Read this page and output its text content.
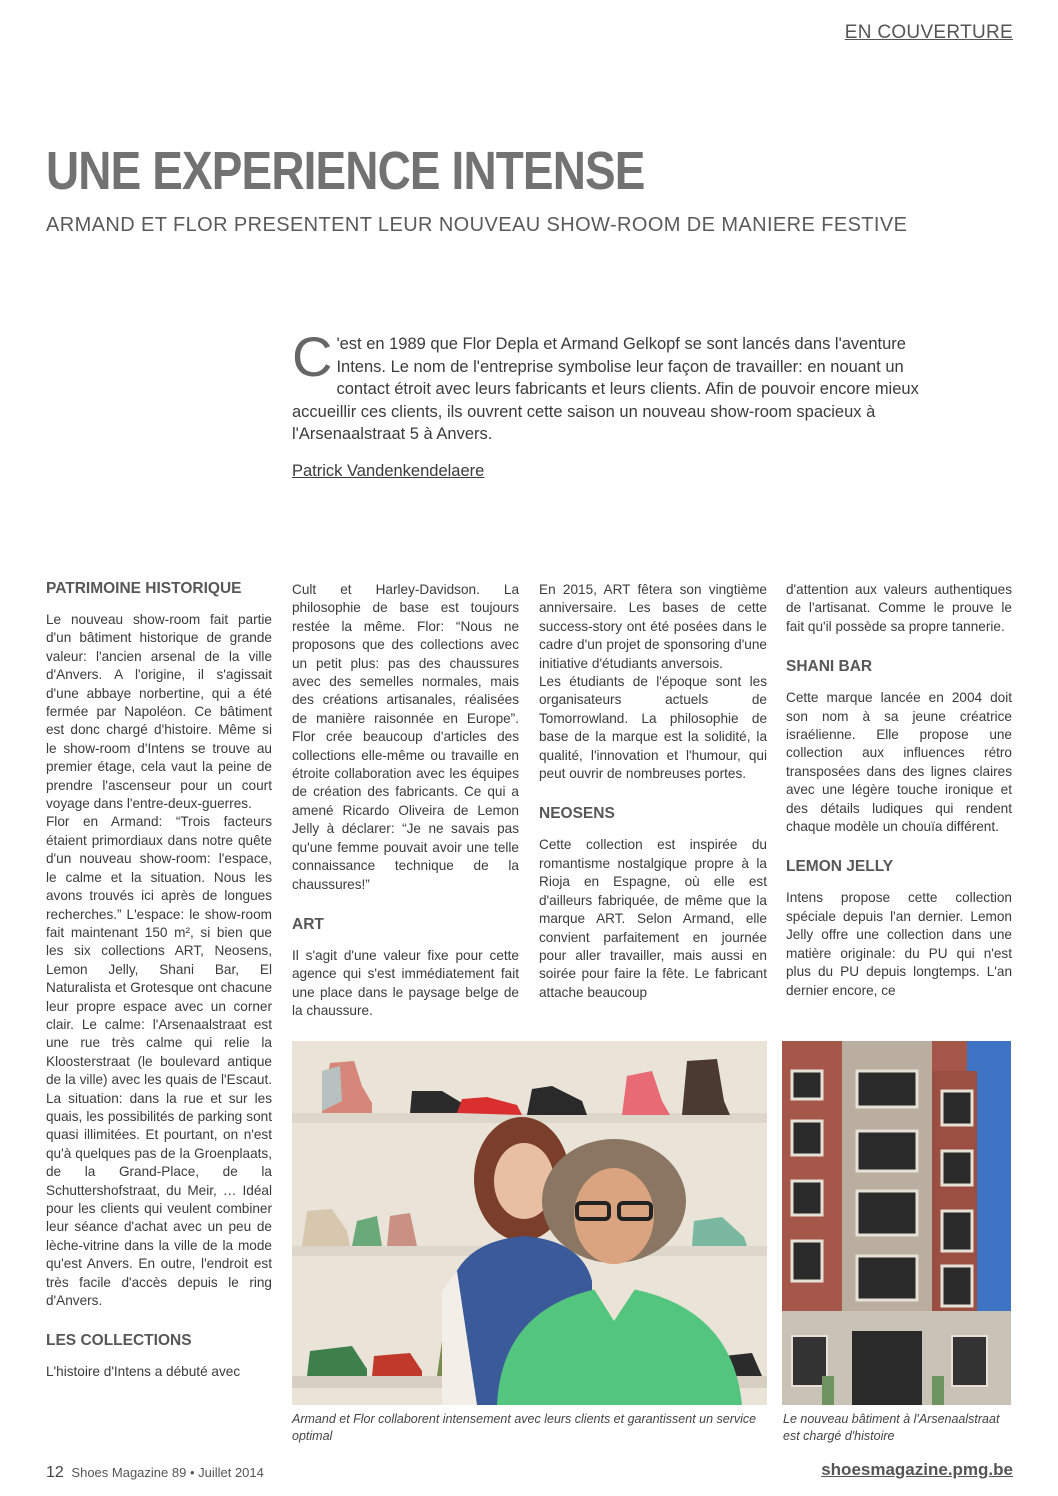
EN COUVERTURE
UNE EXPERIENCE INTENSE
ARMAND ET FLOR PRESENTENT LEUR NOUVEAU SHOW-ROOM DE MANIERE FESTIVE

C 'est en 1989 que Flor Depla et Armand Gelkopf se sont lancés dans l'aventure Intens. Le nom de l'entreprise symbolise leur façon de travailler: en nouant un contact étroit avec leurs fabricants et leurs clients. Afin de pouvoir encore mieux accueillir ces clients, ils ouvrent cette saison un nouveau show-room spacieux à l'Arsenaalstraat 5 à Anvers.

Patrick Vandenkendelaere
PATRIMOINE HISTORIQUE

Le nouveau show-room fait partie d'un bâtiment historique de grande valeur: l'ancien arsenal de la ville d'Anvers. A l'origine, il s'agissait d'une abbaye norbertine, qui a été fermée par Napoléon. Ce bâtiment est donc chargé d'histoire. Même si le show-room d'Intens se trouve au premier étage, cela vaut la peine de prendre l'ascenseur pour un court voyage dans l'entre-deux-guerres.

Flor en Armand: “Trois facteurs étaient primordiaux dans notre quête d'un nouveau show-room: l'espace, le calme et la situation. Nous les avons trouvés ici après de longues recherches.” L'espace: le show-room fait maintenant 150 m², si bien que les six collections ART, Neosens, Lemon Jelly, Shani Bar, El Naturalista et Grotesque ont chacune leur propre espace avec un corner clair. Le calme: l'Arsenaalstraat est une rue très calme qui relie la Kloosterstraat (le boulevard antique de la ville) avec les quais de l'Escaut. La situation: dans la rue et sur les quais, les possibilités de parking sont quasi illimitées. Et pourtant, on n'est qu'à quelques pas de la Groenplaats, de la Grand-Place, de la Schuttershofstraat, du Meir, … Idéal pour les clients qui veulent combiner leur séance d'achat avec un peu de lèche-vitrine dans la ville de la mode qu'est Anvers. En outre, l'endroit est très facile d'accès depuis le ring d'Anvers.

LES COLLECTIONS

L'histoire d'Intens a débuté avec

Cult et Harley-Davidson. La philosophie de base est toujours restée la même. Flor: “Nous ne proposons que des collections avec un petit plus: pas des chaussures avec des semelles normales, mais des créations artisanales, réalisées de manière raisonnée en Europe”. Flor crée beaucoup d'articles des collections elle-même ou travaille en étroite collaboration avec les équipes de création des fabricants. Ce qui a amené Ricardo Oliveira de Lemon Jelly à déclarer: “Je ne savais pas qu'une femme pouvait avoir une telle connaissance technique de la chaussures!”

ART

Il s'agit d'une valeur fixe pour cette agence qui s'est immédiatement fait une place dans le paysage belge de la chaussure.

En 2015, ART fêtera son vingtième anniversaire. Les bases de cette success-story ont été posées dans le cadre d'un projet de sponsoring d'une initiative d'étudiants anversois.

Les étudiants de l'époque sont les organisateurs actuels de Tomorrowland. La philosophie de base de la marque est la solidité, la qualité, l'innovation et l'humour, qui peut ouvrir de nombreuses portes.

NEOSENS

Cette collection est inspirée du romantisme nostalgique propre à la Rioja en Espagne, où elle est d'ailleurs fabriquée, de même que la marque ART. Selon Armand, elle convient parfaitement en journée pour aller travailler, mais aussi en soirée pour faire la fête. Le fabricant attache beaucoup

d'attention aux valeurs authentiques de l'artisanat. Comme le prouve le fait qu'il possède sa propre tannerie.

SHANI BAR

Cette marque lancée en 2004 doit son nom à sa jeune créatrice israélienne. Elle propose une collection aux influences rétro transposées dans des lignes claires avec une légère touche ironique et des détails ludiques qui rendent chaque modèle un chouïa différent.

LEMON JELLY

Intens propose cette collection spéciale depuis l'an dernier. Lemon Jelly offre une collection dans une matière originale: du PU qui n'est plus du PU depuis longtemps. L'an dernier encore, ce

Armand et Flor collaborent intensement avec leurs clients et garantissent un service optimal
Le nouveau bâtiment à l'Arsenaalstraat est chargé d'histoire
12 Shoes Magazine 89 • Juillet 2014	shoesmagazine.pmg.be
